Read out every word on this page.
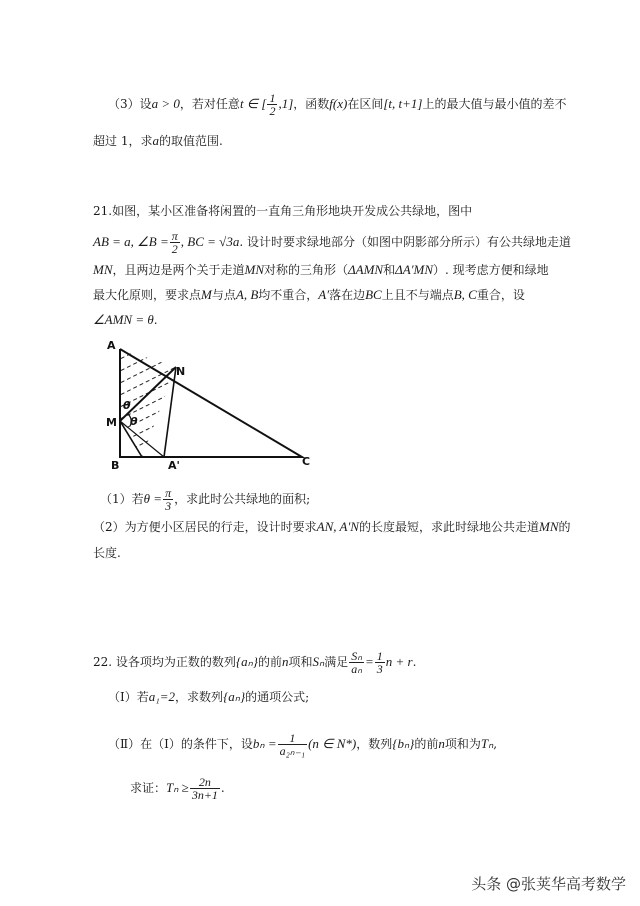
（3）设a > 0，若对任意t ∈ [ $\frac{1}{2} ,1$]，函数f(x)在区间[t, t+1]上的最大值与最小值的差不
超过 1，求a的取值范围.
21.如图，某小区准备将闲置的一直角三角形地块开发成公共绿地，图中
AB = a, ∠B = $\frac{\pi}{2}$ , BC = √3a. 设计时要求绿地部分（如图中阴影部分所示）有公共绿地走道
MN，且两边是两个关于走道MN对称的三角形（ΔAMN和ΔA′MN）. 现考虑方便和绿地
最大化原则，要求点M与点A, B均不重合，A′落在边BC上且不与端点B, C重合，设
∠AMN = θ.
A
M
B
N
A'	C
θ
θ
（1）若$\theta = \frac{\pi}{3}$ ，求此时公共绿地的面积;
（2）为方便小区居民的行走，设计时要求AN, A′N的长度最短，求此时绿地公共走道MN的
长度.
22. 设各项均为正数的数列{aₙ}的前n项和Sₙ满足 $\frac{\text{Sₙ}}{\text{aₙ}} = \frac{1}{3}$ n + r.
（Ⅰ）若a₁=2，求数列{aₙ}的通项公式;
（Ⅱ）在（Ⅰ）的条件下，设$b_n = \frac{1}{\text{a₂ₙ₋₁}} (n$ ∈ N*)，数列{bₙ}的前n项和为Tₙ,
求证：$T_n \ge \frac{2n}{3n+1}$ .
头条 @张荚华高考数学
